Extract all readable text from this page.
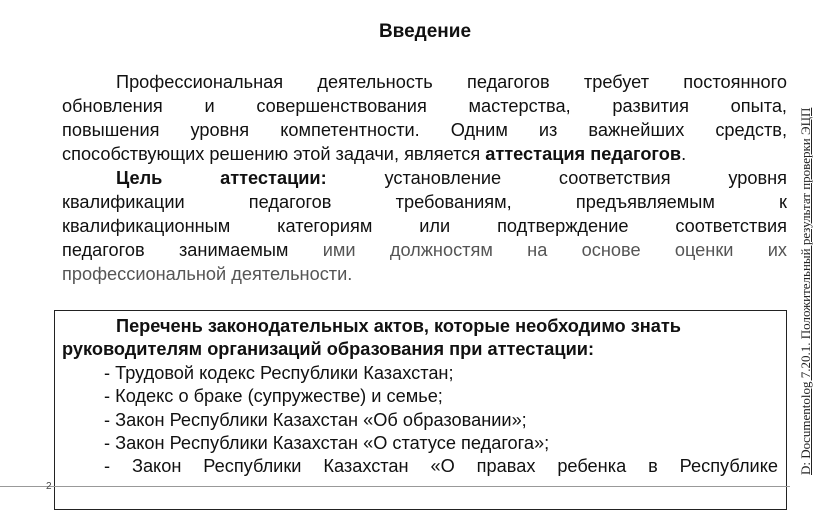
Введение
Профессиональная деятельность педагогов требует постоянного
обновления и совершенствования мастерства, развития опыта,
повышения уровня компетентности. Одним из важнейших средств,
способствующих решению этой задачи, является аттестация педагогов.
Цель аттестации: установление соответствия уровня
квалификации педагогов требованиям, предъявляемым к
квалификационным категориям или подтверждение соответствия
педагогов занимаемым ими должностям на основе оценки их
профессиональной деятельности.
Перечень законодательных актов, которые необходимо знать
руководителям организаций образования при аттестации:
- Трудовой кодекс Республики Казахстан;
- Кодекс о браке (супружестве) и семье;
- Закон Республики Казахстан «Об образовании»;
- Закон Республики Казахстан «О статусе педагога»;
- Закон Республики Казахстан «О правах ребенка в Республике D: Documentolog 7.20.1. Положительный результат проверки ЭЦП
2
